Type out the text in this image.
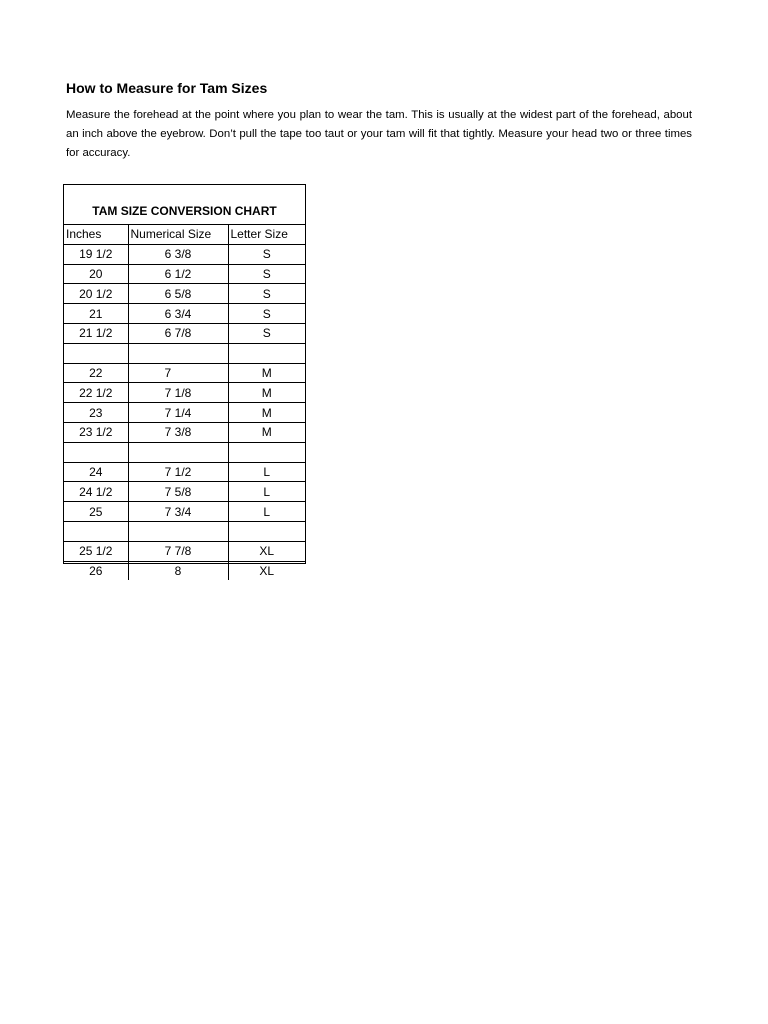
How to Measure for Tam Sizes

Measure the forehead at the point where you plan to wear the tam. This is usually at the widest part of the forehead, about an inch above the eyebrow. Don’t pull the tape too taut or your tam will fit that tightly. Measure your head two or three times for accuracy.

TAM SIZE CONVERSION CHART
Inches	Numerical Size	Letter Size
19 1/2	6 3/8	S
20	6 1/2	S
20 1/2	6 5/8	S
21	6 3/4	S
21 1/2	6 7/8	S

22	7	M
22 1/2	7 1/8	M
23	7 1/4	M
23 1/2	7 3/8	M

24	7 1/2	L
24 1/2	7 5/8	L
25	7 3/4	L

25 1/2	7 7/8	XL
26	8	XL
